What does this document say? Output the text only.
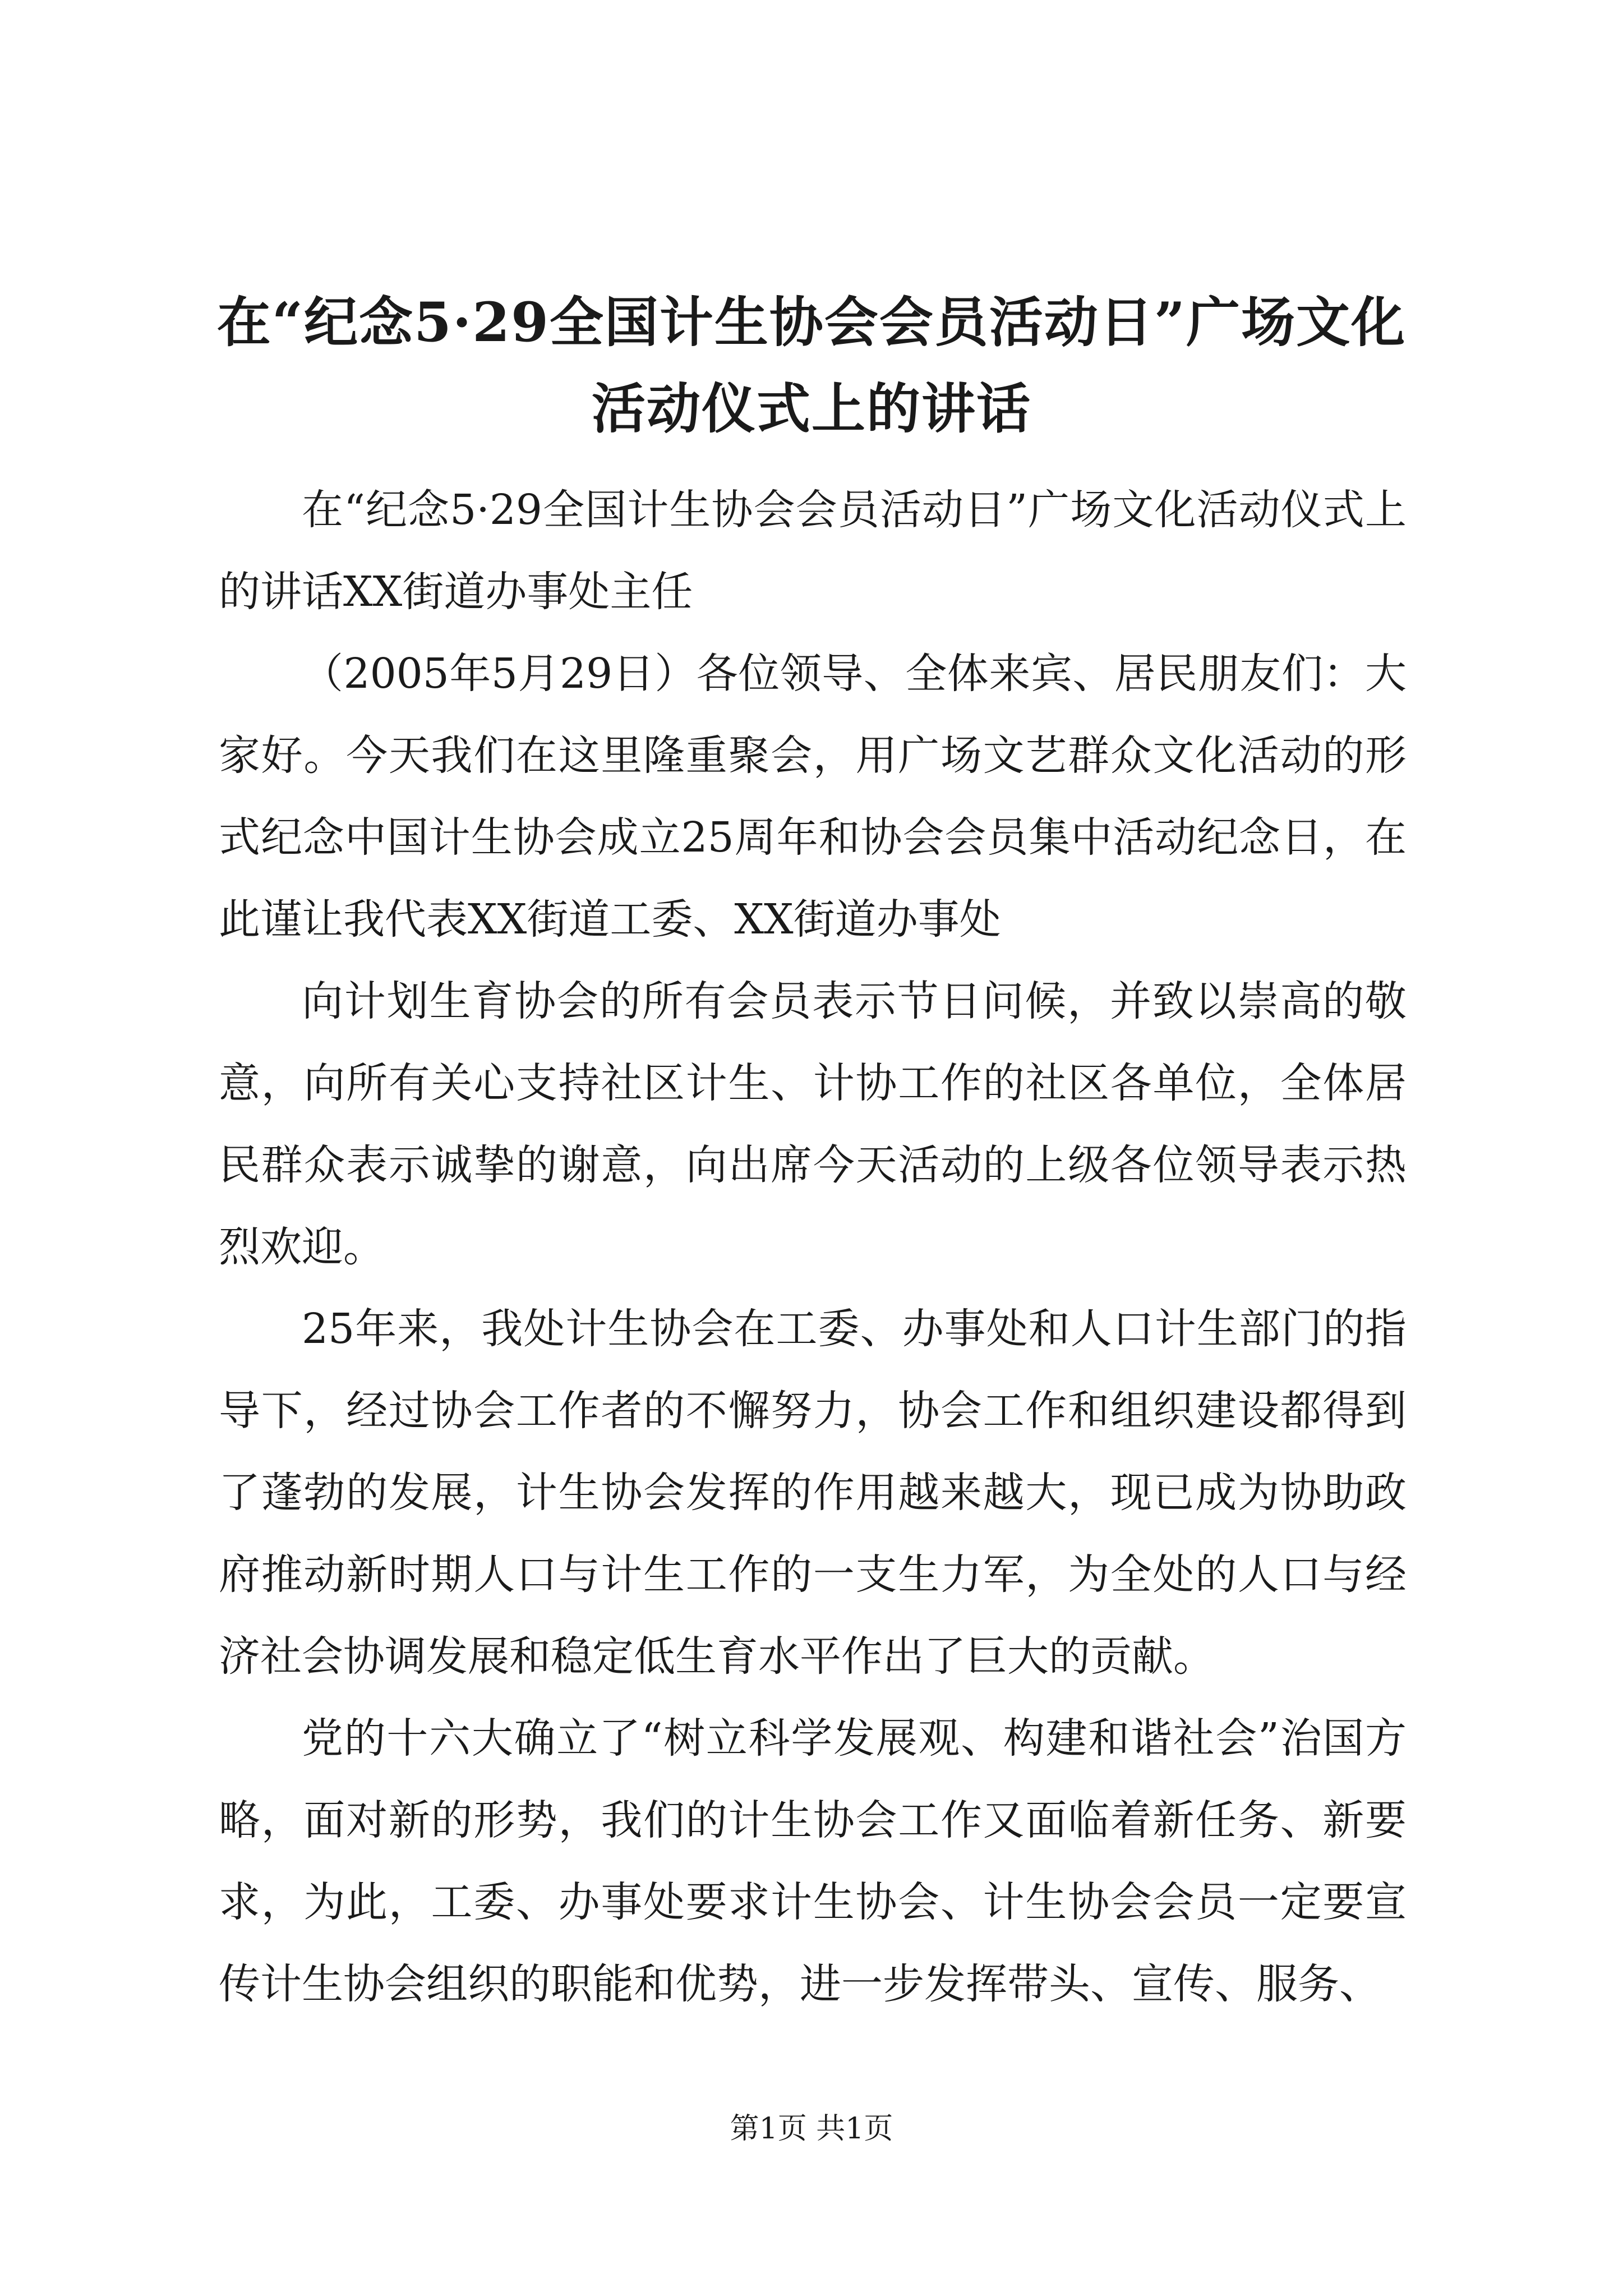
在“纪念5·29全国计生协会会员活动日”广场文化活动仪式上的讲话

在“纪念5·29全国计生协会会员活动日”广场文化活动仪式上的讲话XX街道办事处主任

（2005年5月29日）各位领导、全体来宾、居民朋友们：大家好。今天我们在这里隆重聚会，用广场文艺群众文化活动的形式纪念中国计生协会成立25周年和协会会员集中活动纪念日，在此谨让我代表XX街道工委、XX街道办事处

向计划生育协会的所有会员表示节日问候，并致以崇高的敬意，向所有关心支持社区计生、计协工作的社区各单位，全体居民群众表示诚挚的谢意，向出席今天活动的上级各位领导表示热烈欢迎。

25年来，我处计生协会在工委、办事处和人口计生部门的指导下，经过协会工作者的不懈努力，协会工作和组织建设都得到了蓬勃的发展，计生协会发挥的作用越来越大，现已成为协助政府推动新时期人口与计生工作的一支生力军，为全处的人口与经济社会协调发展和稳定低生育水平作出了巨大的贡献。

党的十六大确立了“树立科学发展观、构建和谐社会”治国方略，面对新的形势，我们的计生协会工作又面临着新任务、新要求，为此，工委、办事处要求计生协会、计生协会会员一定要宣传计生协会组织的职能和优势，进一步发挥带头、宣传、服务、

第1页 共1页
